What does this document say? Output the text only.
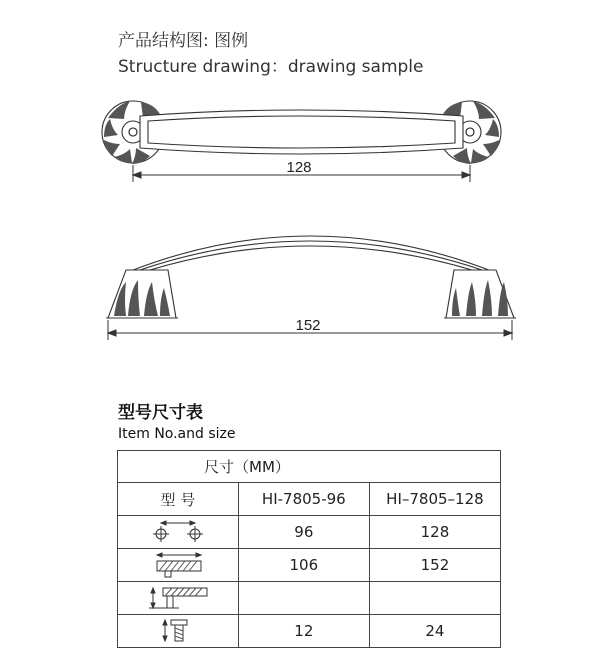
产品结构图: 图例
Structure drawing：drawing sample
128
152
型号尺寸表
Item No.and size
尺寸（MM）		
型 号	HI-7805-96	HI–7805–128

	96	128

	106	152

	12	24
